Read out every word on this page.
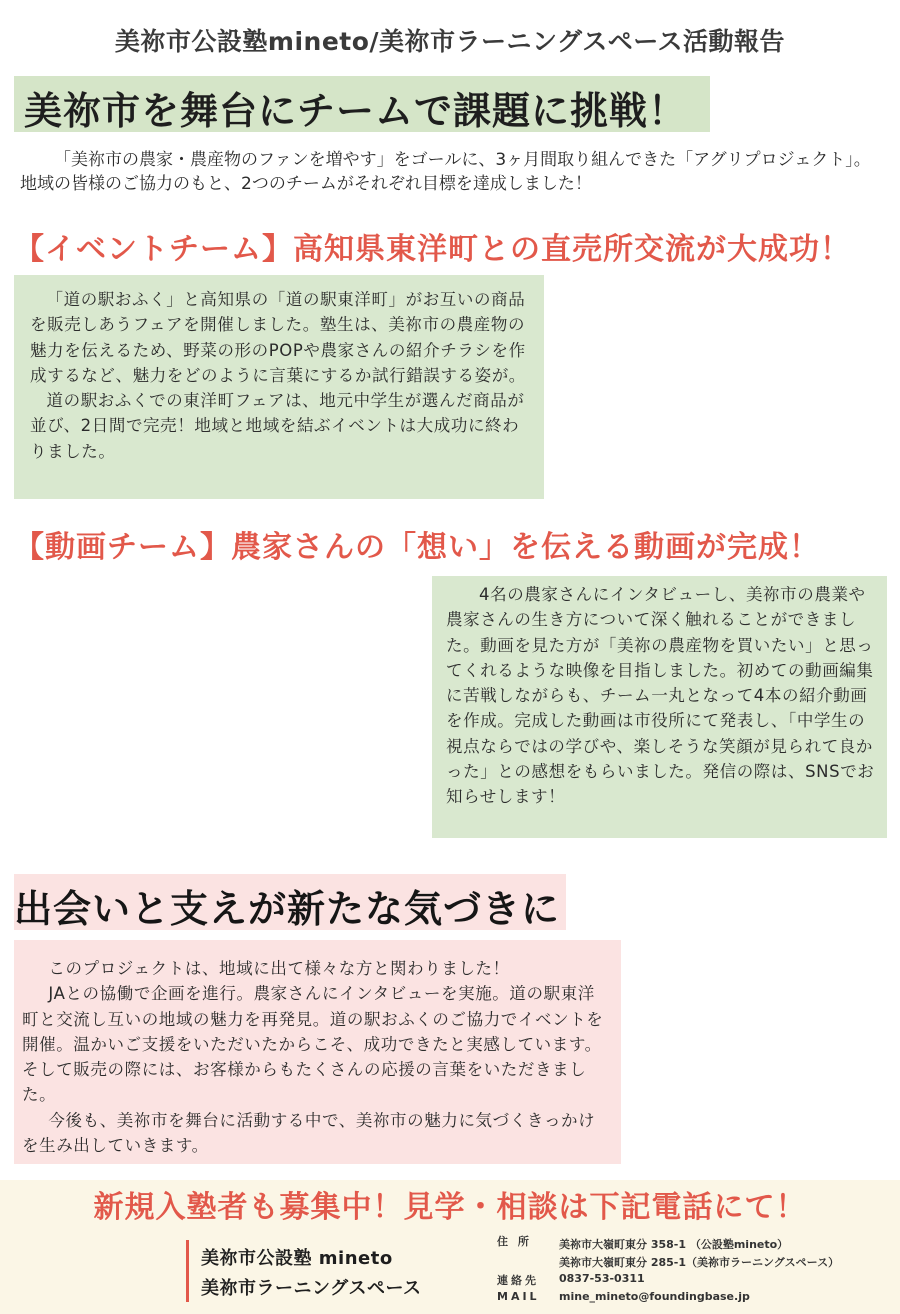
美祢市公設塾mineto/美祢市ラーニングスペース活動報告
美祢市を舞台にチームで課題に挑戦！
「美祢市の農家・農産物のファンを増やす」をゴールに、3ヶ月間取り組んできた「アグリプロジェクト」。地域の皆様のご協力のもと、2つのチームがそれぞれ目標を達成しました！
【イベントチーム】高知県東洋町との直売所交流が大成功！

「道の駅おふく」と高知県の「道の駅東洋町」がお互いの商品を販売しあうフェアを開催しました。塾生は、美祢市の農産物の魅力を伝えるため、野菜の形のPOPや農家さんの紹介チラシを作成するなど、魅力をどのように言葉にするか試行錯誤する姿が。

道の駅おふくでの東洋町フェアは、地元中学生が選んだ商品が並び、2日間で完売！地域と地域を結ぶイベントは大成功に終わりました。

【動画チーム】農家さんの「想い」を伝える動画が完成！

4名の農家さんにインタビューし、美祢市の農業や農家さんの生き方について深く触れることができました。動画を見た方が「美祢の農産物を買いたい」と思ってくれるような映像を目指しました。初めての動画編集に苦戦しながらも、チーム一丸となって4本の紹介動画を作成。完成した動画は市役所にて発表し、「中学生の視点ならではの学びや、楽しそうな笑顔が見られて良かった」との感想をもらいました。発信の際は、SNSでお知らせします！

出会いと支えが新たな気づきに

このプロジェクトは、地域に出て様々な方と関わりました！

JAとの協働で企画を進行。農家さんにインタビューを実施。道の駅東洋町と交流し互いの地域の魅力を再発見。道の駅おふくのご協力でイベントを開催。温かいご支援をいただいたからこそ、成功できたと実感しています。そして販売の際には、お客様からもたくさんの応援の言葉をいただきました。

今後も、美祢市を舞台に活動する中で、美祢市の魅力に気づくきっかけを生み出していきます。

新規入塾者も募集中！見学・相談は下記電話にて！
美祢市公設塾 mineto
美祢市ラーニングスペース
住 所 美祢市大嶺町東分 358-1 （公設塾mineto）
美祢市大嶺町東分 285-1（美祢市ラーニングスペース）
連絡先 0837-53-0311
MAIL mine_mineto@foundingbase.jp
